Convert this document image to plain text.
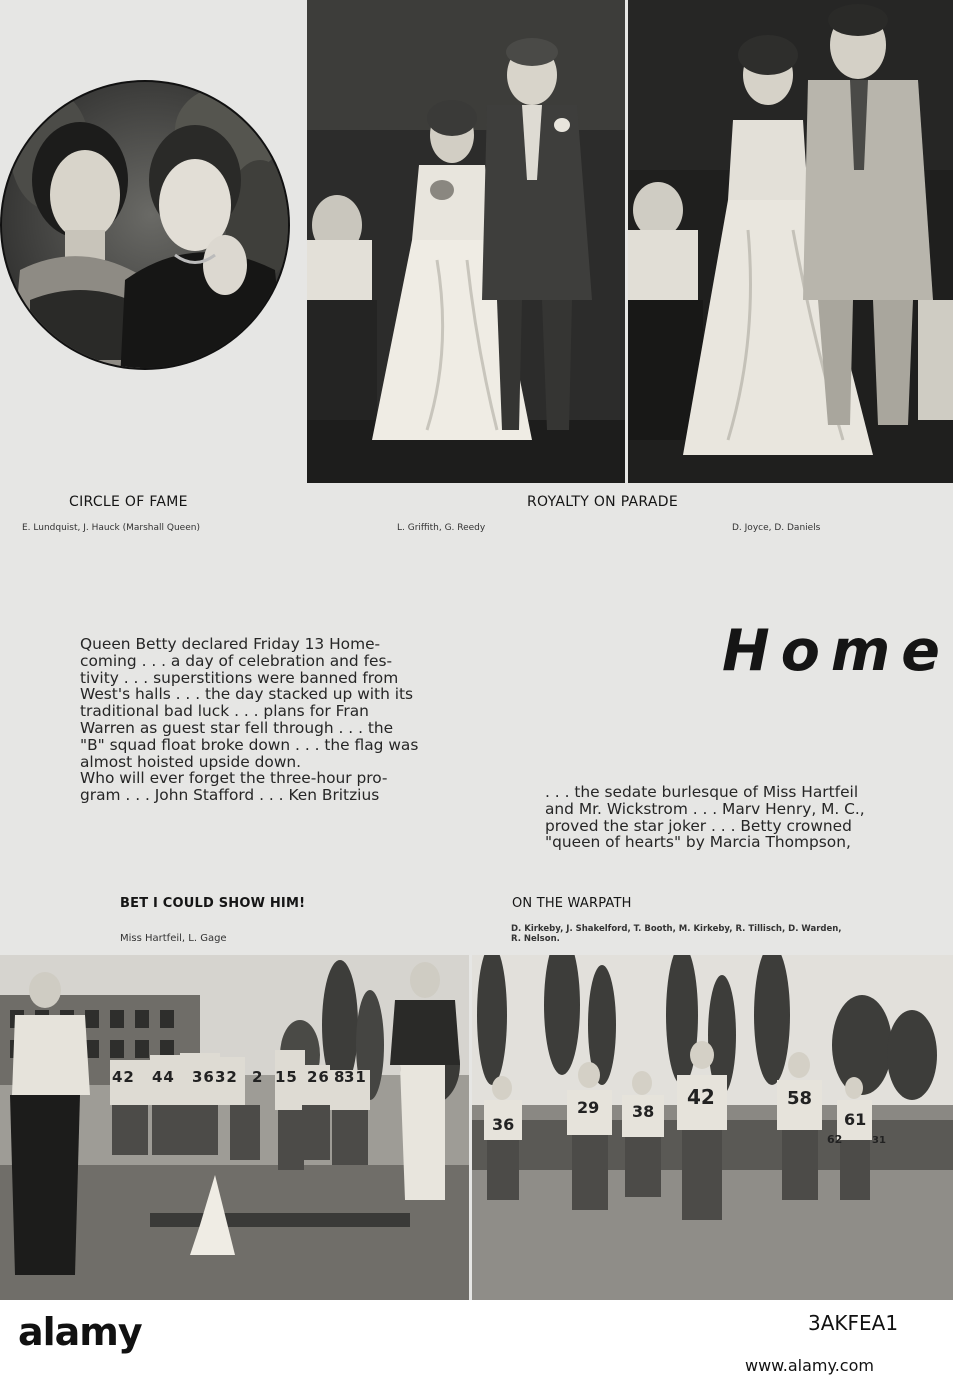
CIRCLE OF FAME
E. Lundquist, J. Hauck (Marshall Queen)
ROYALTY ON PARADE
L. Griffith, G. Reedy	D. Joyce, D. Daniels
Home
Queen Betty declared Friday 13 Home-
coming . . . a day of celebration and fes-
tivity . . . superstitions were banned from
West's halls . . . the day stacked up with its
traditional bad luck . . . plans for Fran
Warren as guest star fell through . . . the
"B" squad float broke down . . . the flag was
almost hoisted upside down.
Who will ever forget the three-hour pro-
gram . . . John Stafford . . . Ken Britzius	. . . the sedate burlesque of Miss Hartfeil
and Mr. Wickstrom . . . Marv Henry, M. C.,
proved the star joker . . . Betty crowned
"queen of hearts" by Marcia Thompson,
BET I COULD SHOW HIM!
Miss Hartfeil, L. Gage
ON THE WARPATH
D. Kirkeby, J. Shakelford, T. Booth, M. Kirkeby, R. Tillisch, D. Warden,
R. Nelson.
42 44 36 32 2 15 26 8
31
36
29 38
42	58
62
61
31
alamy	3AKFEA1
www.alamy.com
